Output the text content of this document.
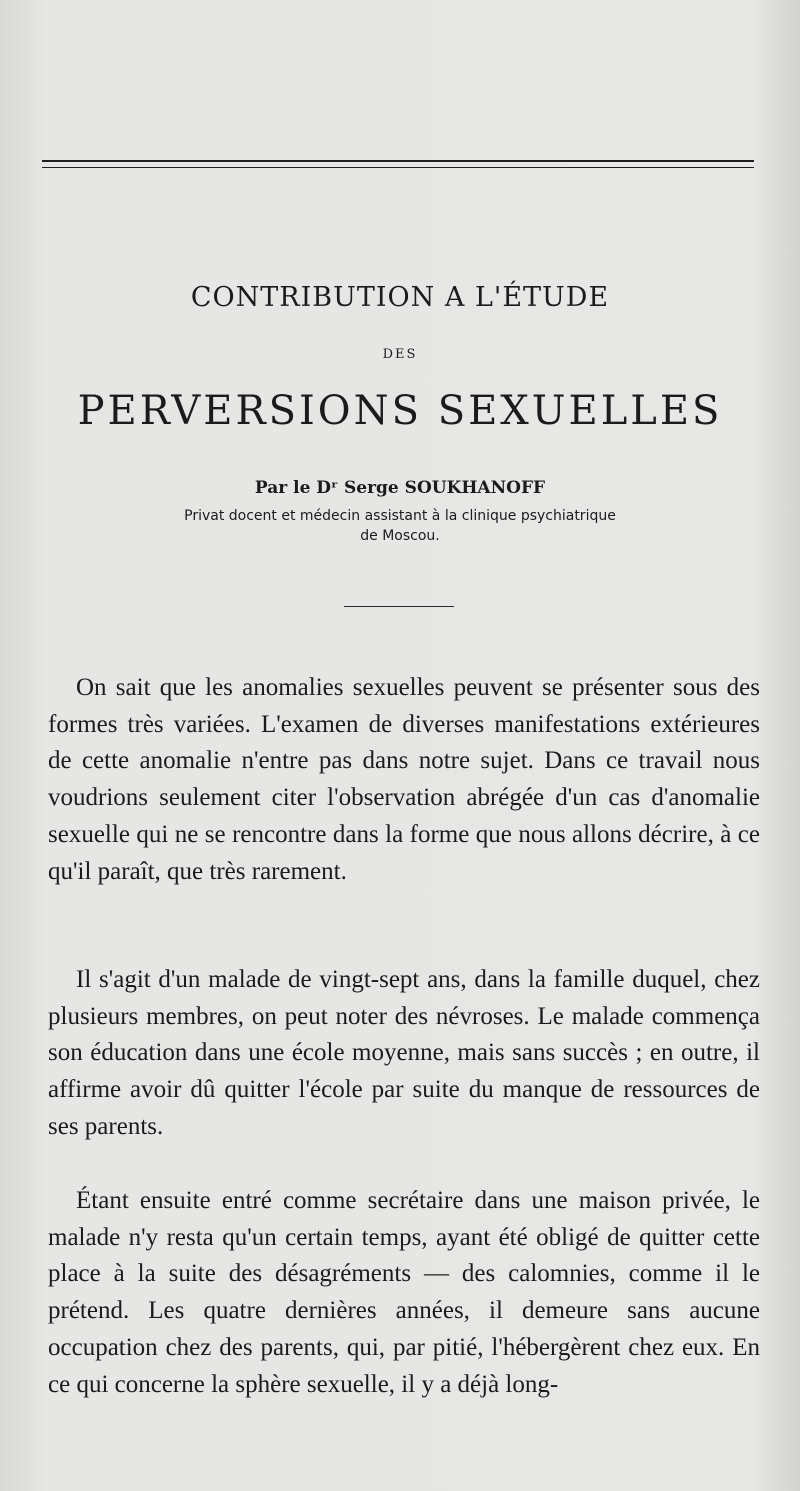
CONTRIBUTION A L'ÉTUDE
DES
PERVERSIONS SEXUELLES
Par le Dʳ Serge SOUKHANOFF
Privat docent et médecin assistant à la clinique psychiatrique
de Moscou.

On sait que les anomalies sexuelles peuvent se présenter sous des formes très variées. L'examen de diverses manifestations extérieures de cette anomalie n'entre pas dans notre sujet. Dans ce travail nous voudrions seulement citer l'observation abrégée d'un cas d'anomalie sexuelle qui ne se rencontre dans la forme que nous allons décrire, à ce qu'il paraît, que très rarement.

Il s'agit d'un malade de vingt-sept ans, dans la famille duquel, chez plusieurs membres, on peut noter des névroses. Le malade commença son éducation dans une école moyenne, mais sans succès ; en outre, il affirme avoir dû quitter l'école par suite du manque de ressources de ses parents.

Étant ensuite entré comme secrétaire dans une maison privée, le malade n'y resta qu'un certain temps, ayant été obligé de quitter cette place à la suite des désagréments — des calomnies, comme il le prétend. Les quatre dernières années, il demeure sans aucune occupation chez des parents, qui, par pitié, l'hébergèrent chez eux. En ce qui concerne la sphère sexuelle, il y a déjà long-
